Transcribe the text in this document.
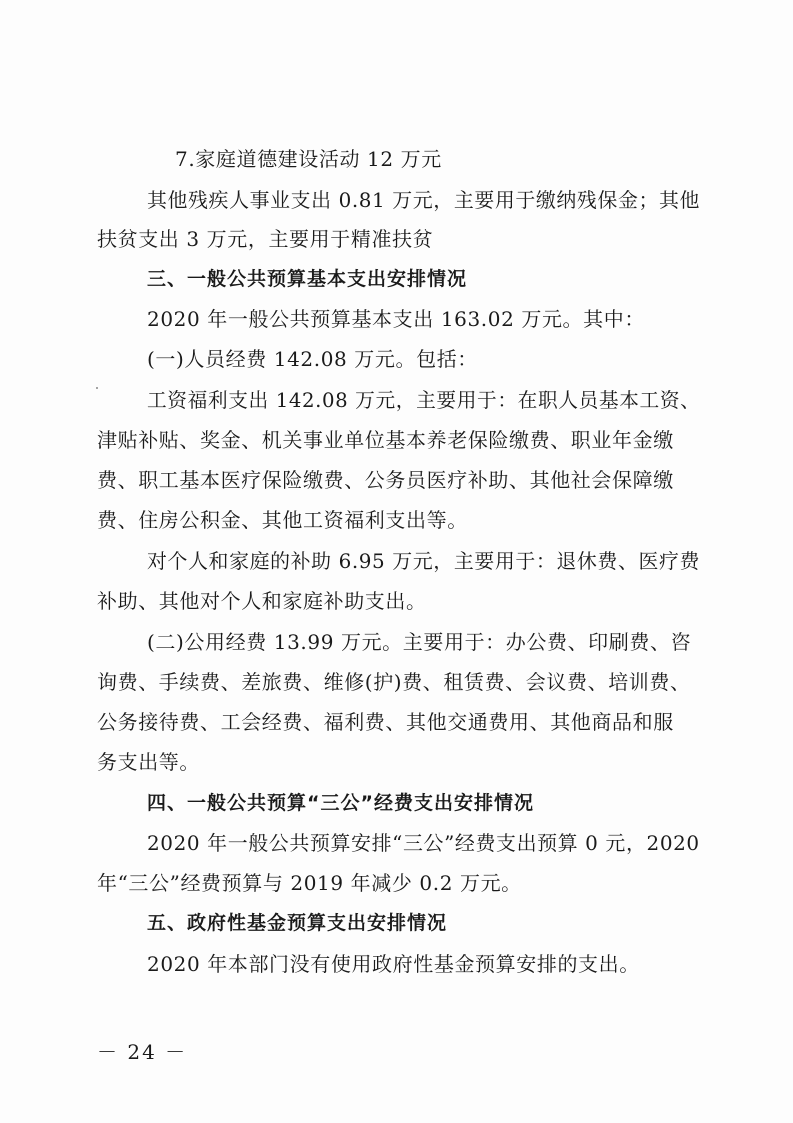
7.家庭道德建设活动 12 万元
其他残疾人事业支出 0.81 万元，主要用于缴纳残保金；其他
扶贫支出 3 万元，主要用于精准扶贫
三、一般公共预算基本支出安排情况
2020 年一般公共预算基本支出 163.02 万元。其中：
(一)人员经费 142.08 万元。包括：
工资福利支出 142.08 万元，主要用于：在职人员基本工资、
津贴补贴、奖金、机关事业单位基本养老保险缴费、职业年金缴
费、职工基本医疗保险缴费、公务员医疗补助、其他社会保障缴
费、住房公积金、其他工资福利支出等。
对个人和家庭的补助 6.95 万元，主要用于：退休费、医疗费
补助、其他对个人和家庭补助支出。
(二)公用经费 13.99 万元。主要用于：办公费、印刷费、咨
询费、手续费、差旅费、维修(护)费、租赁费、会议费、培训费、
公务接待费、工会经费、福利费、其他交通费用、其他商品和服
务支出等。
四、一般公共预算“三公”经费支出安排情况
2020 年一般公共预算安排“三公”经费支出预算 0 元，2020
年“三公”经费预算与 2019 年减少 0.2 万元。
五、政府性基金预算支出安排情况
2020 年本部门没有使用政府性基金预算安排的支出。
－ 24 －
